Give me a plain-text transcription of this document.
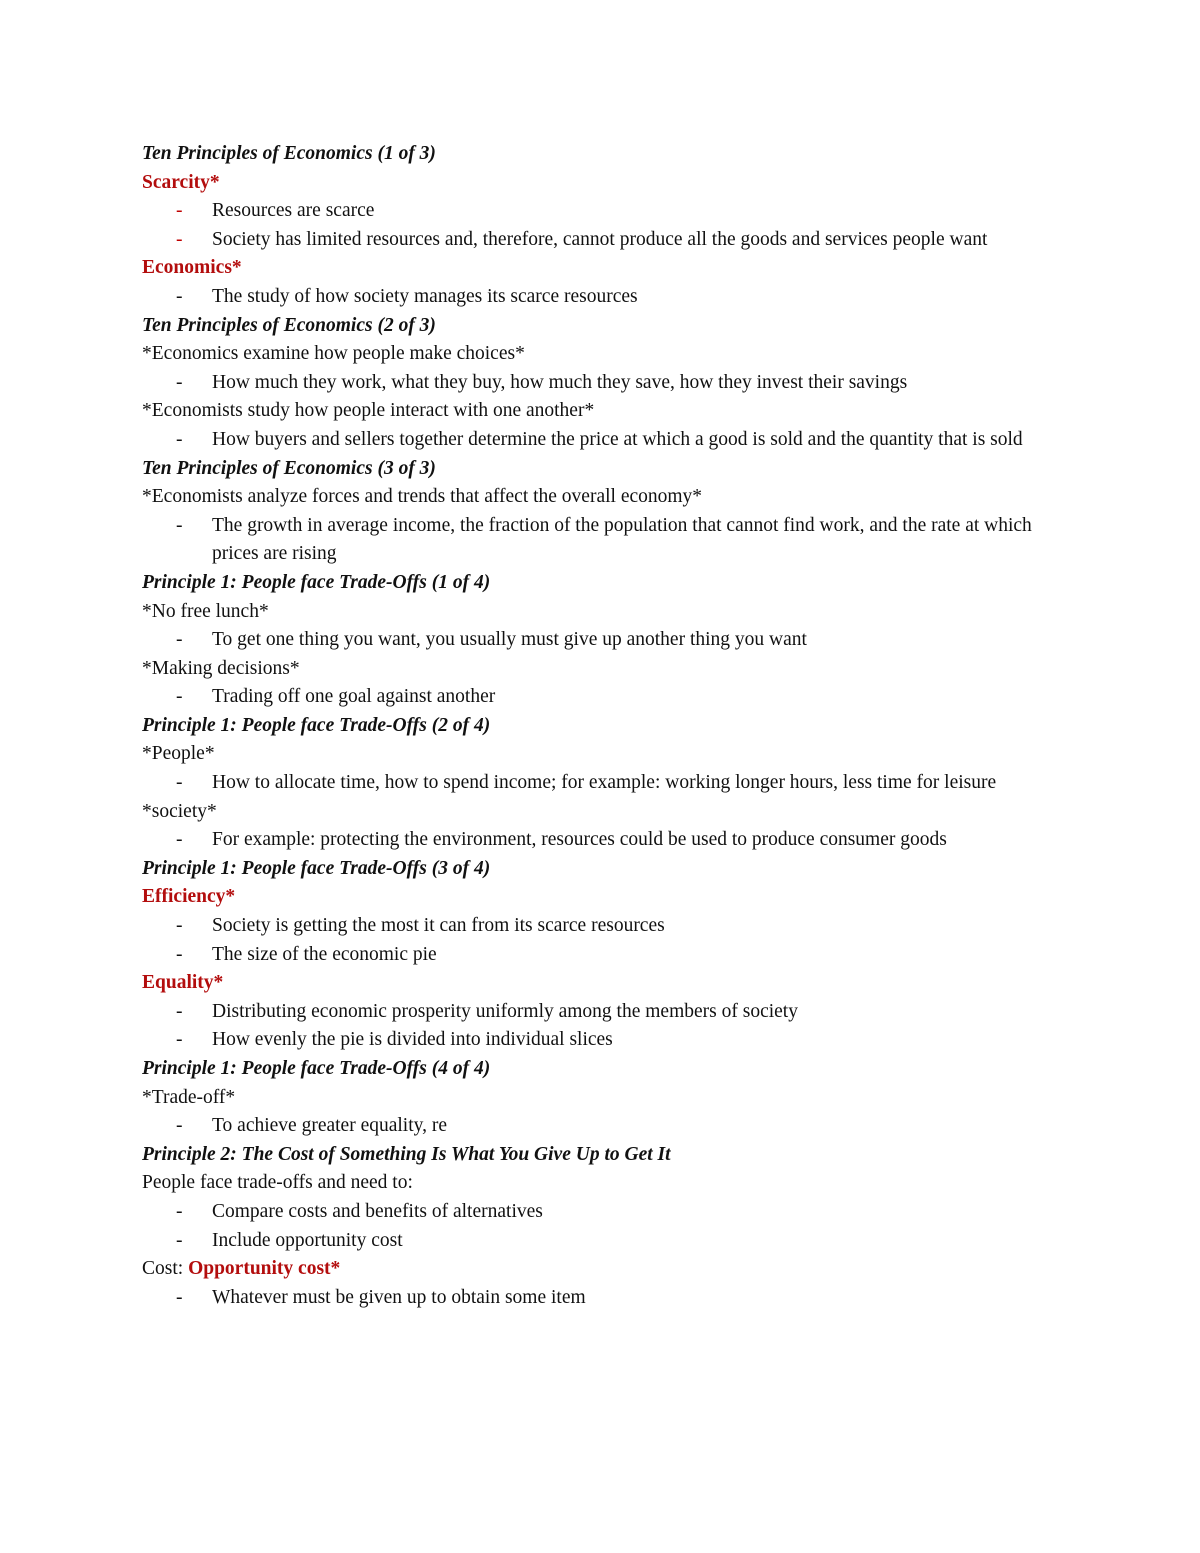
Ten Principles of Economics (1 of 3)
Scarcity*
- Resources are scarce
- Society has limited resources and, therefore, cannot produce all the goods and services people want
Economics*
- The study of how society manages its scarce resources
Ten Principles of Economics (2 of 3)
*Economics examine how people make choices*
- How much they work, what they buy, how much they save, how they invest their savings
*Economists study how people interact with one another*
- How buyers and sellers together determine the price at which a good is sold and the quantity that is sold
Ten Principles of Economics (3 of 3)
*Economists analyze forces and trends that affect the overall economy*
- The growth in average income, the fraction of the population that cannot find work, and the rate at which prices are rising
Principle 1: People face Trade-Offs (1 of 4)
*No free lunch*
- To get one thing you want, you usually must give up another thing you want
*Making decisions*
- Trading off one goal against another
Principle 1: People face Trade-Offs (2 of 4)
*People*
- How to allocate time, how to spend income; for example: working longer hours, less time for leisure
*society*
- For example: protecting the environment, resources could be used to produce consumer goods
Principle 1: People face Trade-Offs (3 of 4)
Efficiency*
- Society is getting the most it can from its scarce resources
- The size of the economic pie
Equality*
- Distributing economic prosperity uniformly among the members of society
- How evenly the pie is divided into individual slices
Principle 1: People face Trade-Offs (4 of 4)
*Trade-off*
- To achieve greater equality, re
Principle 2: The Cost of Something Is What You Give Up to Get It
People face trade-offs and need to:
- Compare costs and benefits of alternatives
- Include opportunity cost
Cost: Opportunity cost*
- Whatever must be given up to obtain some item
